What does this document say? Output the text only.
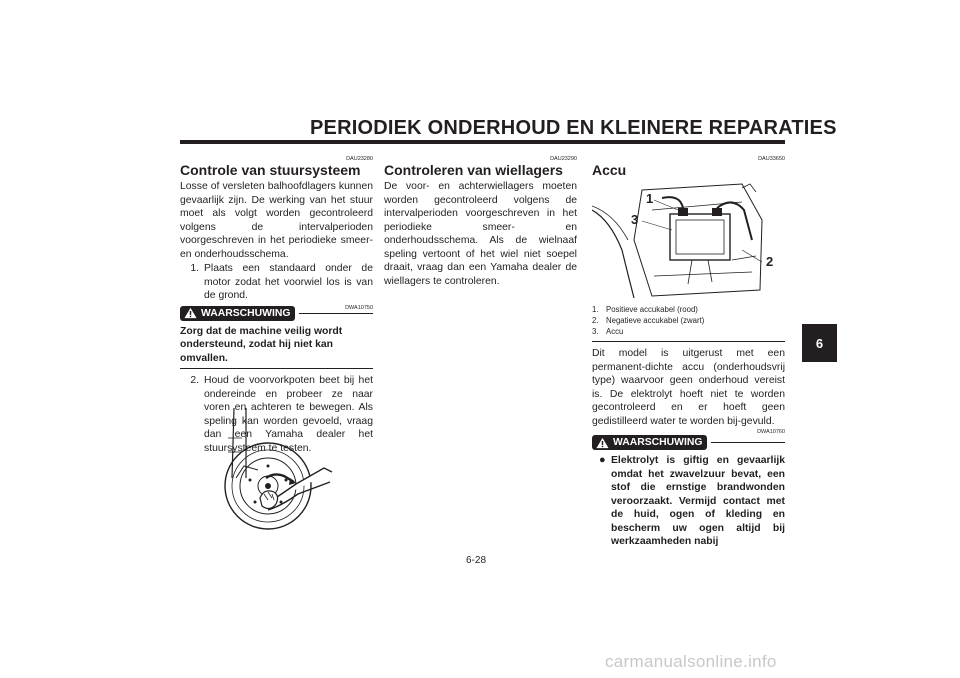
PERIODIEK ONDERHOUD EN KLEINERE REPARATIES
DAU23280
Controle van stuursysteem

Losse of versleten balhoofdlagers kunnen gevaarlijk zijn. De werking van het stuur moet als volgt worden gecontroleerd volgens de intervalperioden voorgeschreven in het periodieke smeer- en onderhoudsschema.

1. Plaats een standaard onder de motor zodat het voorwiel los is van de grond.
DWA10750
WAARSCHUWING
Zorg dat de machine veilig wordt ondersteund, zodat hij niet kan omvallen.
2. Houd de voorvorkpoten beet bij het ondereinde en probeer ze naar voren en achteren te bewegen. Als speling kan worden gevoeld, vraag dan een Yamaha dealer het stuursysteem te testen.
DAU23290
Controleren van wiellagers

De voor- en achterwiellagers moeten worden gecontroleerd volgens de intervalperioden voorgeschreven in het periodieke smeer- en onderhoudsschema. Als de wielnaaf speling vertoont of het wiel niet soepel draait, vraag dan een Yamaha dealer de wiellagers te controleren.

DAU33650
Accu
1
2
3
1. Positieve accukabel (rood)
2. Negatieve accukabel (zwart)
3. Accu

Dit model is uitgerust met een permanent-dichte accu (onderhoudsvrij type) waarvoor geen onderhoud vereist is. De elektrolyt hoeft niet te worden gecontroleerd en er hoeft geen gedistilleerd water te worden bij-gevuld.

DWA10760
WAARSCHUWING
● Elektrolyt is giftig en gevaarlijk omdat het zwavelzuur bevat, een stof die ernstige brandwonden veroorzaakt. Vermijd contact met de huid, ogen of kleding en bescherm uw ogen altijd bij werkzaamheden nabij
6
6-28
carmanualsonline.info
